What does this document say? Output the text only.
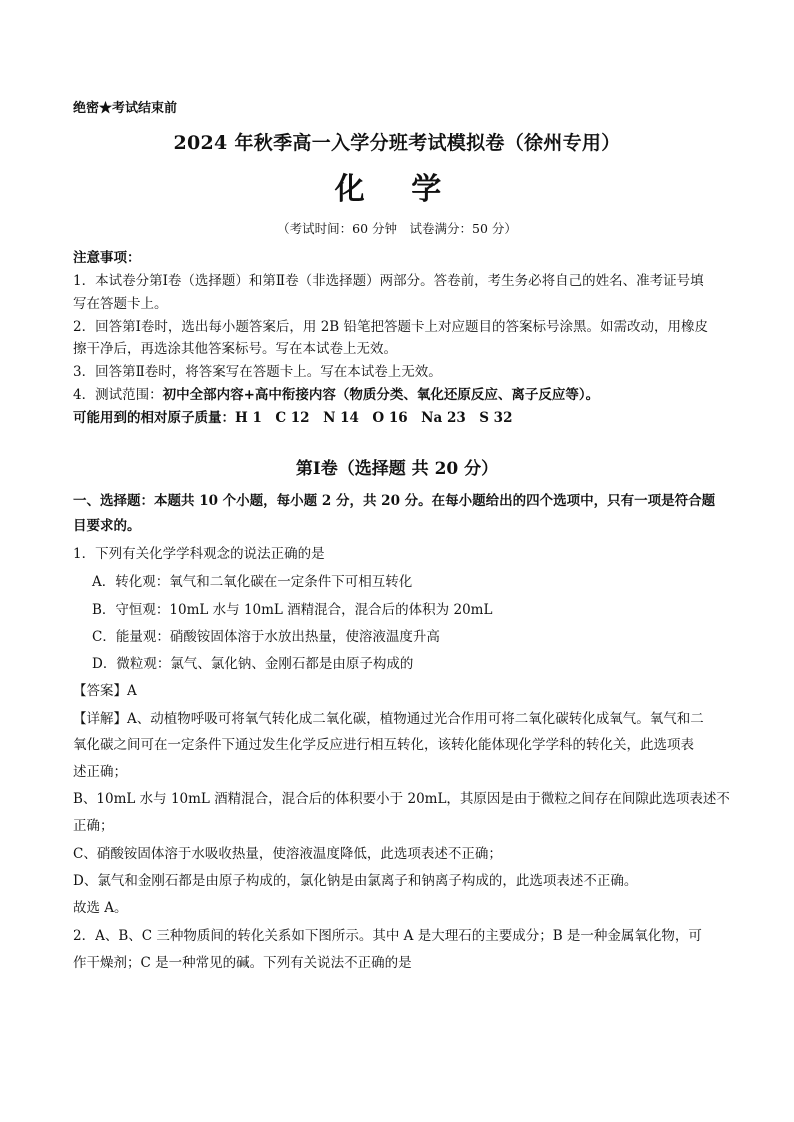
绝密★考试结束前
2024 年秋季高一入学分班考试模拟卷（徐州专用）
化 学
（考试时间：60 分钟　试卷满分：50 分）
注意事项：
1．本试卷分第Ⅰ卷（选择题）和第Ⅱ卷（非选择题）两部分。答卷前，考生务必将自己的姓名、准考证号填
写在答题卡上。
2．回答第Ⅰ卷时，选出每小题答案后，用 2B 铅笔把答题卡上对应题目的答案标号涂黑。如需改动，用橡皮
擦干净后，再选涂其他答案标号。写在本试卷上无效。
3．回答第Ⅱ卷时，将答案写在答题卡上。写在本试卷上无效。
4．测试范围：初中全部内容+高中衔接内容（物质分类、氧化还原反应、离子反应等）。
可能用到的相对原子质量：H 1　C 12　N 14　O 16　Na 23　S 32
第Ⅰ卷（选择题 共 20 分）
一、选择题：本题共 10 个小题，每小题 2 分，共 20 分。在每小题给出的四个选项中，只有一项是符合题
目要求的。
1．下列有关化学学科观念的说法正确的是
A．转化观：氧气和二氧化碳在一定条件下可相互转化
B．守恒观：10mL 水与 10mL 酒精混合，混合后的体积为 20mL
C．能量观：硝酸铵固体溶于水放出热量，使溶液温度升高
D．微粒观：氯气、氯化钠、金刚石都是由原子构成的
【答案】A
【详解】A、动植物呼吸可将氧气转化成二氧化碳，植物通过光合作用可将二氧化碳转化成氧气。氧气和二
氧化碳之间可在一定条件下通过发生化学反应进行相互转化，该转化能体现化学学科的转化关，此选项表
述正确；
B、10mL 水与 10mL 酒精混合，混合后的体积要小于 20mL，其原因是由于微粒之间存在间隙此选项表述不
正确；
C、硝酸铵固体溶于水吸收热量，使溶液温度降低，此选项表述不正确；
D、氯气和金刚石都是由原子构成的，氯化钠是由氯离子和钠离子构成的，此选项表述不正确。
故选 A。
2．A、B、C 三种物质间的转化关系如下图所示。其中 A 是大理石的主要成分；B 是一种金属氧化物，可
作干燥剂；C 是一种常见的碱。下列有关说法不正确的是
